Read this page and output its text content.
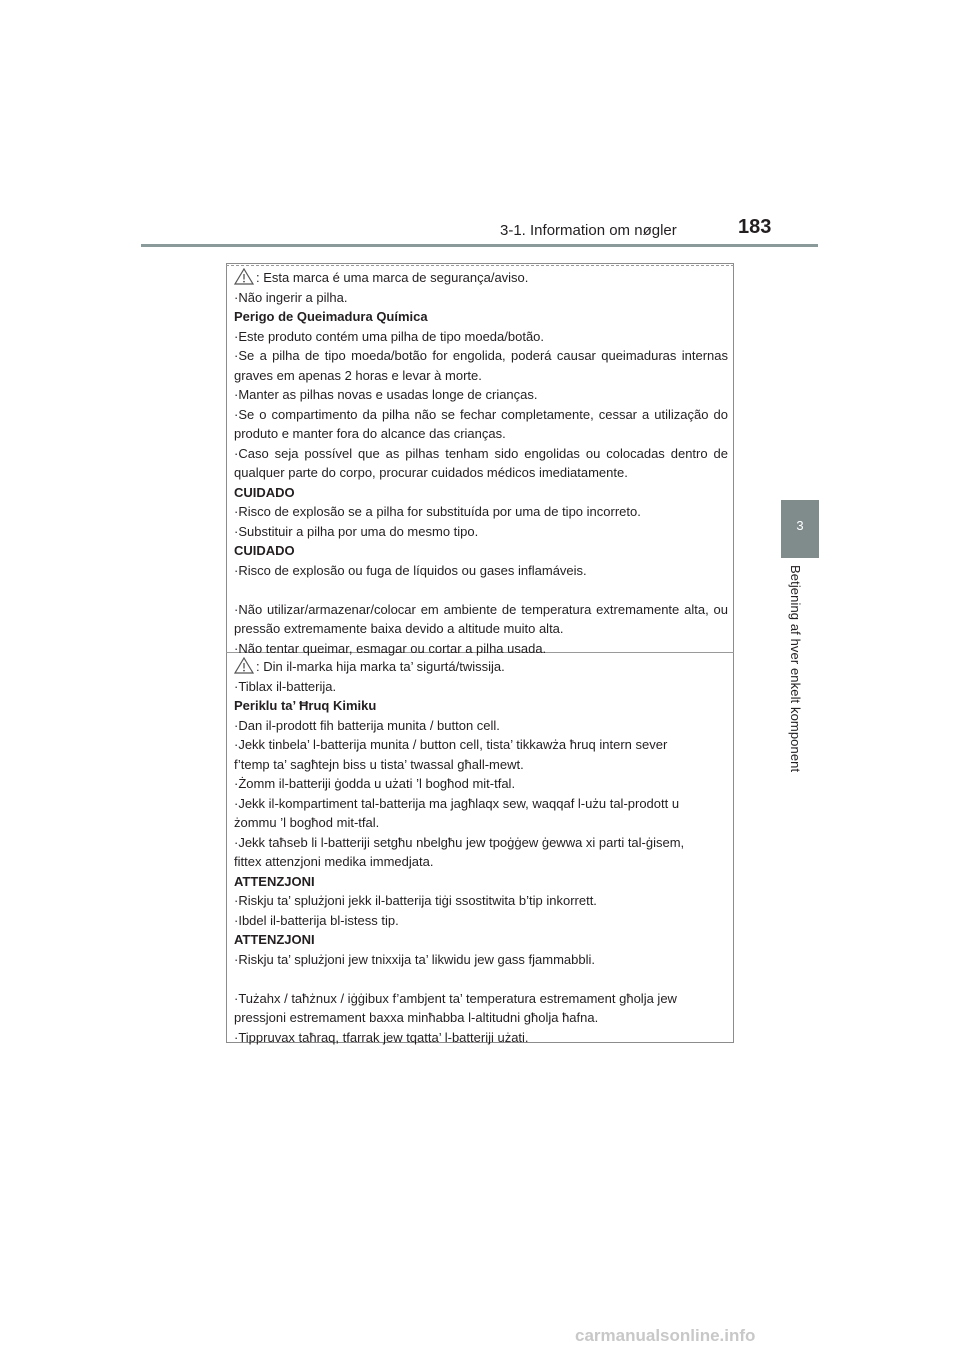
3-1. Information om nøgler	183
3
Betjening af hver enkelt komponent

: Esta marca é uma marca de segurança/aviso.

·Não ingerir a pilha.

Perigo de Queimadura Química

·Este produto contém uma pilha de tipo moeda/botão.

·Se a pilha de tipo moeda/botão for engolida, poderá causar queimaduras internas graves em apenas 2 horas e levar à morte.

·Manter as pilhas novas e usadas longe de crianças.

·Se o compartimento da pilha não se fechar completamente, cessar a utilização do produto e manter fora do alcance das crianças.

·Caso seja possível que as pilhas tenham sido engolidas ou colocadas dentro de qualquer parte do corpo, procurar cuidados médicos imediatamente.

CUIDADO

·Risco de explosão se a pilha for substituída por uma de tipo incorreto.

·Substituir a pilha por uma do mesmo tipo.

CUIDADO

·Risco de explosão ou fuga de líquidos ou gases inflamáveis.

·Não utilizar/armazenar/colocar em ambiente de temperatura extremamente alta, ou pressão extremamente baixa devido a altitude muito alta.

·Não tentar queimar, esmagar ou cortar a pilha usada.

: Din il-marka hija marka ta’ sigurtá/twissija.

·Tiblax il-batterija.

Periklu ta’ Ħruq Kimiku

·Dan il-prodott fih batterija munita / button cell.

·Jekk tinbela’ l-batterija munita / button cell, tista’ tikkawża ħruq intern sever

f’temp ta’ sagħtejn biss u tista’ twassal għall-mewt.

·Żomm il-batteriji ġodda u użati ’l bogħod mit-tfal.

·Jekk il-kompartiment tal-batterija ma jagħlaqx sew, waqqaf l-użu tal-prodott u

żommu ’l bogħod mit-tfal.

·Jekk taħseb li l-batteriji setgħu nbelgħu jew tpoġġew ġewwa xi parti tal-ġisem,

fittex attenzjoni medika immedjata.

ATTENZJONI

·Riskju ta’ splużjoni jekk il-batterija tiġi ssostitwita b’tip inkorrett.

·Ibdel il-batterija bl-istess tip.

ATTENZJONI

·Riskju ta’ splużjoni jew tnixxija ta’ likwidu jew gass fjammabbli.

·Tużahx / taħżnux / iġġibux f’ambjent ta’ temperatura estremament għolja jew

pressjoni estremament baxxa minħabba l-altitudni għolja ħafna.

·Tippruvax taħraq, tfarrak jew tqatta’ l-batteriji użati.

carmanualsonline.info
